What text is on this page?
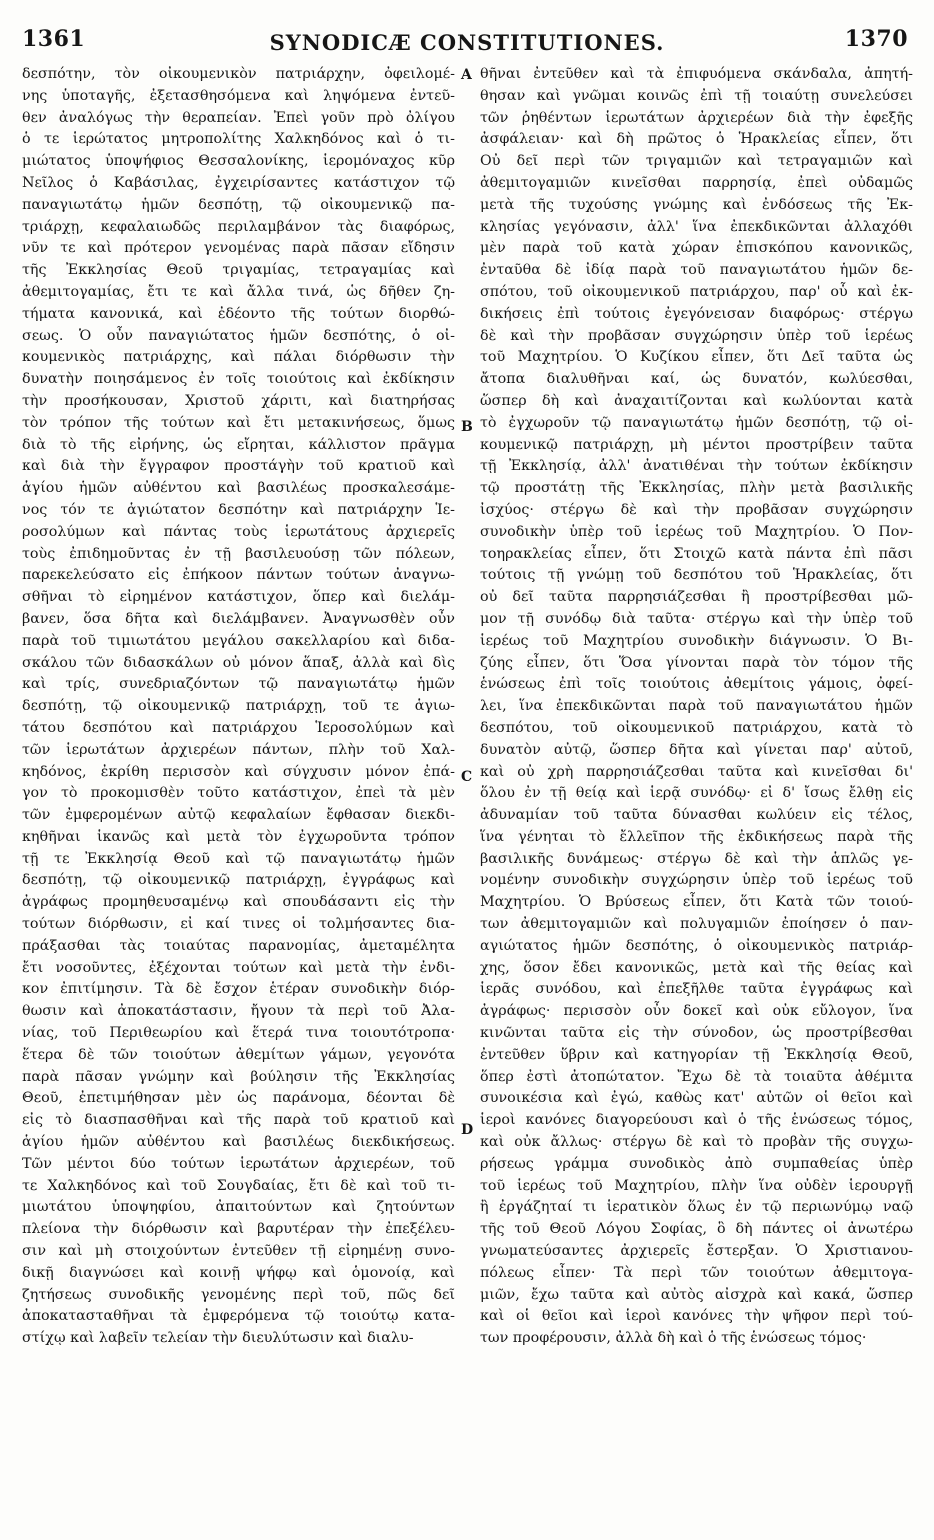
1361	SYNODICÆ CONSTITUTIONES.	1370
δεσπότην, τὸν οἰκουμενικὸν πατριάρχην, ὀφειλομέ-
νης ὑποταγῆς, ἐξετασθησόμενα καὶ ληψόμενα ἐντεῦ-
θεν ἀναλόγως τὴν θεραπείαν. Ἐπεὶ γοῦν πρὸ ὀλίγου
ὁ τε ἱερώτατος μητροπολίτης Χαλκηδόνος καὶ ὁ τι-
μιώτατος ὑποψήφιος Θεσσαλονίκης, ἱερομόναχος κῦρ
Νεῖλος ὁ Καβάσιλας, ἐγχειρίσαντες κατάστιχον τῷ
παναγιωτάτῳ ἡμῶν δεσπότῃ, τῷ οἰκουμενικῷ πα-
τριάρχῃ, κεφαλαιωδῶς περιλαμβάνον τὰς διαφόρως,
νῦν τε καὶ πρότερον γενομένας παρὰ πᾶσαν εἴδησιν
τῆς Ἐκκλησίας Θεοῦ τριγαμίας, τετραγαμίας καὶ
ἀθεμιτογαμίας, ἔτι τε καὶ ἄλλα τινά, ὡς δῆθεν ζη-
τήματα κανονικά, καὶ ἐδέοντο τῆς τούτων διορθώ-
σεως. Ὁ οὖν παναγιώτατος ἡμῶν δεσπότης, ὁ οἰ-
κουμενικὸς πατριάρχης, καὶ πάλαι διόρθωσιν τὴν
δυνατὴν ποιησάμενος ἐν τοῖς τοιούτοις καὶ ἐκδίκησιν
τὴν προσήκουσαν, Χριστοῦ χάριτι, καὶ διατηρήσας
τὸν τρόπον τῆς τούτων καὶ ἔτι μετακινήσεως, ὅμως
διὰ τὸ τῆς εἰρήνης, ὡς εἴρηται, κάλλιστον πρᾶγμα
καὶ διὰ τὴν ἔγγραφον προστάγὴν τοῦ κρατιοῦ καὶ
ἁγίου ἡμῶν αὐθέντου καὶ βασιλέως προσκαλεσάμε-
νος τόν τε ἁγιώτατον δεσπότην καὶ πατριάρχην Ἱε-
ροσολύμων καὶ πάντας τοὺς ἱερωτάτους ἀρχιερεῖς
τοὺς ἐπιδημοῦντας ἐν τῇ βασιλευούσῃ τῶν πόλεων,
παρεκελεύσατο εἰς ἐπήκοον πάντων τούτων ἀναγνω-
σθῆναι τὸ εἰρημένον κατάστιχον, ὅπερ καὶ διελάμ-
βανεν, ὅσα δῆτα καὶ διελάμβανεν. Ἀναγνωσθὲν οὖν
παρὰ τοῦ τιμιωτάτου μεγάλου σακελλαρίου καὶ διδα-
σκάλου τῶν διδασκάλων οὐ μόνον ἅπαξ, ἀλλὰ καὶ δὶς
καὶ τρίς, συνεδριαζόντων τῷ παναγιωτάτῳ ἡμῶν
δεσπότῃ, τῷ οἰκουμενικῷ πατριάρχῃ, τοῦ τε ἁγιω-
τάτου δεσπότου καὶ πατριάρχου Ἱεροσολύμων καὶ
τῶν ἱερωτάτων ἀρχιερέων πάντων, πλὴν τοῦ Χαλ-
κηδόνος, ἐκρίθη περισσὸν καὶ σύγχυσιν μόνον ἐπά-
γον τὸ προκομισθὲν τοῦτο κατάστιχον, ἐπεὶ τὰ μὲν
τῶν ἐμφερομένων αὐτῷ κεφαλαίων ἔφθασαν διεκδι-
κηθῆναι ἱκανῶς καὶ μετὰ τὸν ἐγχωροῦντα τρόπον
τῇ τε Ἐκκλησίᾳ Θεοῦ καὶ τῷ παναγιωτάτῳ ἡμῶν
δεσπότῃ, τῷ οἰκουμενικῷ πατριάρχῃ, ἐγγράφως καὶ
ἀγράφως προμηθευσαμένῳ καὶ σπουδάσαντι εἰς τὴν
τούτων διόρθωσιν, εἰ καί τινες οἱ τολμήσαντες δια-
πράξασθαι τὰς τοιαύτας παρανομίας, ἀμεταμέλητα
ἔτι νοσοῦντες, ἐξέχονται τούτων καὶ μετὰ τὴν ἐνδι-
κον ἐπιτίμησιν. Τὰ δὲ ἔσχον ἑτέραν συνοδικὴν διόρ-
θωσιν καὶ ἀποκατάστασιν, ἤγουν τὰ περὶ τοῦ Ἀλα-
νίας, τοῦ Περιθεωρίου καὶ ἕτερά τινα τοιουτότροπα·
ἕτερα δὲ τῶν τοιούτων ἀθεμίτων γάμων, γεγονότα
παρὰ πᾶσαν γνώμην καὶ βούλησιν τῆς Ἐκκλησίας
Θεοῦ, ἐπετιμήθησαν μὲν ὡς παράνομα, δέονται δὲ
εἰς τὸ διασπασθῆναι καὶ τῆς παρὰ τοῦ κρατιοῦ καὶ
ἁγίου ἡμῶν αὐθέντου καὶ βασιλέως διεκδικήσεως.
Τῶν μέντοι δύο τούτων ἱερωτάτων ἀρχιερέων, τοῦ
τε Χαλκηδόνος καὶ τοῦ Σουγδαίας, ἔτι δὲ καὶ τοῦ τι-
μιωτάτου ὑποψηφίου, ἀπαιτούντων καὶ ζητούντων
πλείονα τὴν διόρθωσιν καὶ βαρυτέραν τὴν ἐπεξέλευ-
σιν καὶ μὴ στοιχούντων ἐντεῦθεν τῇ εἰρημένῃ συνο-
δικῇ διαγνώσει καὶ κοινῇ ψήφῳ καὶ ὁμονοίᾳ, καὶ
ζητήσεως συνοδικῆς γενομένης περὶ τοῦ, πῶς δεῖ
ἀποκατασταθῆναι τὰ ἐμφερόμενα τῷ τοιούτῳ κατα-
στίχῳ καὶ λαβεῖν τελείαν τὴν διευλύτωσιν καὶ διαλυ-
θῆναι ἐντεῦθεν καὶ τὰ ἐπιφυόμενα σκάνδαλα, ἀπητή-
θησαν καὶ γνῶμαι κοινῶς ἐπὶ τῇ τοιαύτῃ συνελεύσει
τῶν ῥηθέντων ἱερωτάτων ἀρχιερέων διὰ τὴν ἐφεξῆς
ἀσφάλειαν· καὶ δὴ πρῶτος ὁ Ἡρακλείας εἶπεν, ὅτι
Οὐ δεῖ περὶ τῶν τριγαμιῶν καὶ τετραγαμιῶν καὶ
ἀθεμιτογαμιῶν κινεῖσθαι παρρησίᾳ, ἐπεὶ οὐδαμῶς
μετὰ τῆς τυχούσης γνώμης καὶ ἐνδόσεως τῆς Ἐκ-
κλησίας γεγόνασιν, ἀλλ' ἵνα ἐπεκδικῶνται ἀλλαχόθι
μὲν παρὰ τοῦ κατὰ χώραν ἐπισκόπου κανονικῶς,
ἐνταῦθα δὲ ἰδίᾳ παρὰ τοῦ παναγιωτάτου ἡμῶν δε-
σπότου, τοῦ οἰκουμενικοῦ πατριάρχου, παρ' οὗ καὶ ἐκ-
δικήσεις ἐπὶ τούτοις ἐγεγόνεισαν διαφόρως· στέργω
δὲ καὶ τὴν προβᾶσαν συγχώρησιν ὑπὲρ τοῦ ἱερέως
τοῦ Μαχητρίου. Ὁ Κυζίκου εἶπεν, ὅτι Δεῖ ταῦτα ὡς
ἄτοπα διαλυθῆναι καί, ὡς δυνατόν, κωλύεσθαι,
ὥσπερ δὴ καὶ ἀναχαιτίζονται καὶ κωλύονται κατὰ
τὸ ἐγχωροῦν τῷ παναγιωτάτῳ ἡμῶν δεσπότῃ, τῷ οἰ-
κουμενικῷ πατριάρχῃ, μὴ μέντοι προστρίβειν ταῦτα
τῇ Ἐκκλησίᾳ, ἀλλ' ἀνατιθέναι τὴν τούτων ἐκδίκησιν
τῷ προστάτῃ τῆς Ἐκκλησίας, πλὴν μετὰ βασιλικῆς
ἰσχύος· στέργω δὲ καὶ τὴν προβᾶσαν συγχώρησιν
συνοδικὴν ὑπὲρ τοῦ ἱερέως τοῦ Μαχητρίου. Ὁ Πον-
τοηρακλείας εἶπεν, ὅτι Στοιχῶ κατὰ πάντα ἐπὶ πᾶσι
τούτοις τῇ γνώμῃ τοῦ δεσπότου τοῦ Ἡρακλείας, ὅτι
οὐ δεῖ ταῦτα παρρησιάζεσθαι ἢ προστρίβεσθαι μῶ-
μον τῇ συνόδῳ διὰ ταῦτα· στέργω καὶ τὴν ὑπὲρ τοῦ
ἱερέως τοῦ Μαχητρίου συνοδικὴν διάγνωσιν. Ὁ Βι-
ζύης εἶπεν, ὅτι Ὅσα γίνονται παρὰ τὸν τόμον τῆς
ἑνώσεως ἐπὶ τοῖς τοιούτοις ἀθεμίτοις γάμοις, ὀφεί-
λει, ἵνα ἐπεκδικῶνται παρὰ τοῦ παναγιωτάτου ἡμῶν
δεσπότου, τοῦ οἰκουμενικοῦ πατριάρχου, κατὰ τὸ
δυνατὸν αὐτῷ, ὥσπερ δῆτα καὶ γίνεται παρ' αὐτοῦ,
καὶ οὐ χρὴ παρρησιάζεσθαι ταῦτα καὶ κινεῖσθαι δι'
ὅλου ἐν τῇ θείᾳ καὶ ἱερᾷ συνόδῳ· εἰ δ' ἴσως ἔλθῃ εἰς
ἀδυναμίαν τοῦ ταῦτα δύνασθαι κωλύειν εἰς τέλος,
ἵνα γένηται τὸ ἔλλεῖπον τῆς ἐκδικήσεως παρὰ τῆς
βασιλικῆς δυνάμεως· στέργω δὲ καὶ τὴν ἁπλῶς γε-
νομένην συνοδικὴν συγχώρησιν ὑπὲρ τοῦ ἱερέως τοῦ
Μαχητρίου. Ὁ Βρύσεως εἶπεν, ὅτι Κατὰ τῶν τοιού-
των ἀθεμιτογαμιῶν καὶ πολυγαμιῶν ἐποίησεν ὁ παν-
αγιώτατος ἡμῶν δεσπότης, ὁ οἰκουμενικὸς πατριάρ-
χης, ὅσον ἔδει κανονικῶς, μετὰ καὶ τῆς θείας καὶ
ἱερᾶς συνόδου, καὶ ἐπεξῆλθε ταῦτα ἐγγράφως καὶ
ἀγράφως· περισσὸν οὖν δοκεῖ καὶ οὐκ εὔλογον, ἵνα
κινῶνται ταῦτα εἰς τὴν σύνοδον, ὡς προστρίβεσθαι
ἐντεῦθεν ὕβριν καὶ κατηγορίαν τῇ Ἐκκλησίᾳ Θεοῦ,
ὅπερ ἐστὶ ἀτοπώτατον. Ἔχω δὲ τὰ τοιαῦτα ἀθέμιτα
συνοικέσια καὶ ἐγώ, καθὼς κατ' αὐτῶν οἱ θεῖοι καὶ
ἱεροὶ κανόνες διαγορεύουσι καὶ ὁ τῆς ἑνώσεως τόμος,
καὶ οὐκ ἄλλως· στέργω δὲ καὶ τὸ προβὰν τῆς συγχω-
ρήσεως γράμμα συνοδικὸς ἀπὸ συμπαθείας ὑπὲρ
τοῦ ἱερέως τοῦ Μαχητρίου, πλὴν ἵνα οὐδὲν ἱερουργῇ
ἢ ἐργάζηταί τι ἱερατικὸν ὅλως ἐν τῷ περιωνύμῳ ναῷ
τῆς τοῦ Θεοῦ Λόγου Σοφίας, ὃ δὴ πάντες οἱ ἀνωτέρω
γνωματεύσαντες ἀρχιερεῖς ἔστερξαν. Ὁ Χριστιανου-
πόλεως εἶπεν· Τὰ περὶ τῶν τοιούτων ἀθεμιτογα-
μιῶν, ἔχω ταῦτα καὶ αὐτὸς αἰσχρὰ καὶ κακά, ὥσπερ
καὶ οἱ θεῖοι καὶ ἱεροὶ κανόνες τὴν ψῆφον περὶ τού-
των προφέρουσιν, ἀλλὰ δὴ καὶ ὁ τῆς ἑνώσεως τόμος·
A
B
C
D
